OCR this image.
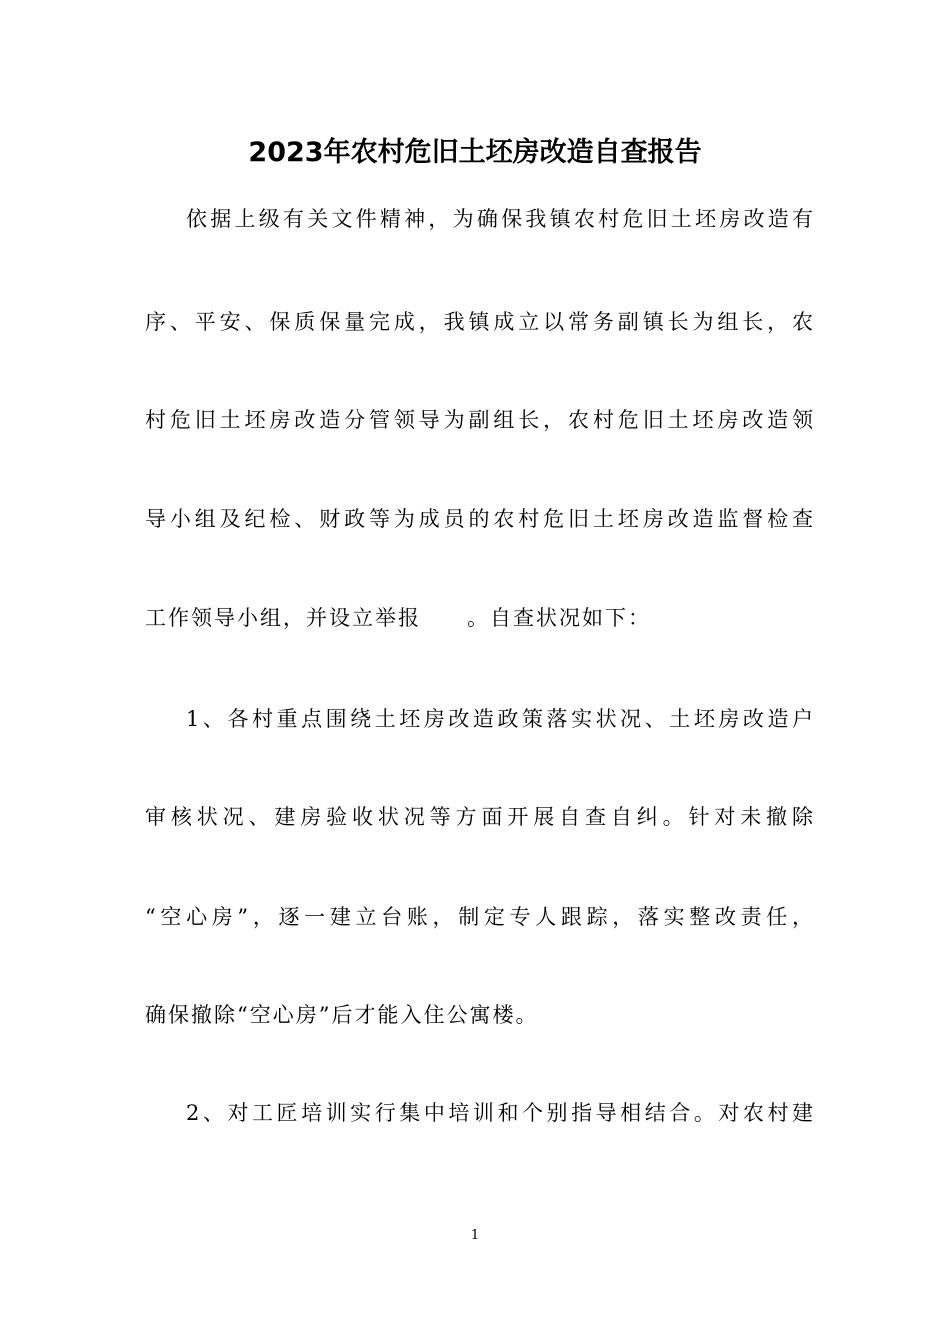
2023年农村危旧土坯房改造自查报告
依据上级有关文件精神，为确保我镇农村危旧土坯房改造有
序、平安、保质保量完成，我镇成立以常务副镇长为组长，农
村危旧土坯房改造分管领导为副组长，农村危旧土坯房改造领
导小组及纪检、财政等为成员的农村危旧土坯房改造监督检查
工作领导小组，并设立举报　　。自查状况如下：
1、各村重点围绕土坯房改造政策落实状况、土坯房改造户
审核状况、建房验收状况等方面开展自查自纠。针对未撤除
“空心房”，逐一建立台账，制定专人跟踪，落实整改责任，
确保撤除“空心房”后才能入住公寓楼。
2、对工匠培训实行集中培训和个别指导相结合。对农村建
1
